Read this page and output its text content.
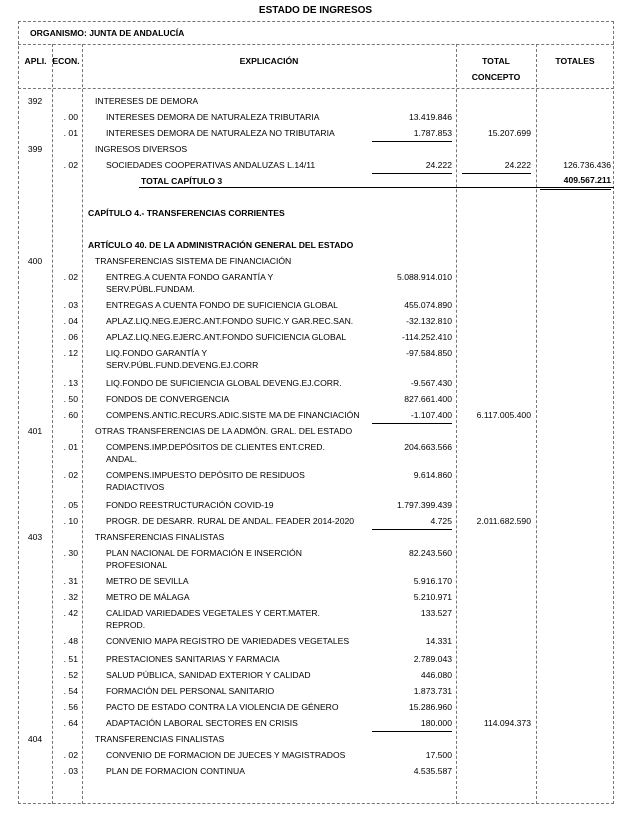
ESTADO DE INGRESOS
ORGANISMO: JUNTA DE ANDALUCÍA
APLI. ECON.	EXPLICACIÓN	TOTAL
CONCEPTO
TOTALES
392	INTERESES DE DEMORA
. 00	INTERESES DEMORA DE NATURALEZA TRIBUTARIA	13.419.846
. 01	INTERESES DEMORA DE NATURALEZA NO TRIBUTARIA	1.787.853	15.207.699
399	INGRESOS DIVERSOS
. 02	SOCIEDADES COOPERATIVAS ANDALUZAS L.14/11	24.222	24.222	126.736.436
TOTAL CAPÍTULO 3	409.567.211
CAPÍTULO 4.- TRANSFERENCIAS CORRIENTES
ARTÍCULO 40. DE LA ADMINISTRACIÓN GENERAL DEL ESTADO
400	TRANSFERENCIAS SISTEMA DE FINANCIACIÓN
. 02	ENTREG.A CUENTA FONDO GARANTÍA Y
SERV.PÚBL.FUNDAM.
5.088.914.010
. 03	ENTREGAS A CUENTA FONDO DE SUFICIENCIA GLOBAL	455.074.890
. 04	APLAZ.LIQ.NEG.EJERC.ANT.FONDO SUFIC.Y GAR.REC.SAN.	-32.132.810
. 06	APLAZ.LIQ.NEG.EJERC.ANT.FONDO SUFICIENCIA GLOBAL	-114.252.410
. 12	LIQ.FONDO GARANTÍA Y
SERV.PÚBL.FUND.DEVENG.EJ.CORR
-97.584.850
. 13	LIQ.FONDO DE SUFICIENCIA GLOBAL DEVENG.EJ.CORR.	-9.567.430
. 50	FONDOS DE CONVERGENCIA	827.661.400
. 60	COMPENS.ANTIC.RECURS.ADIC.SISTE MA DE FINANCIACIÓN	-1.107.400	6.117.005.400
401	OTRAS TRANSFERENCIAS DE LA ADMÓN. GRAL. DEL ESTADO
. 01	COMPENS.IMP.DEPÓSITOS DE CLIENTES ENT.CRED.
ANDAL.
204.663.566
. 02	COMPENS.IMPUESTO DEPÓSITO DE RESIDUOS
RADIACTIVOS
9.614.860
. 05	FONDO REESTRUCTURACIÓN COVID-19	1.797.399.439
. 10	PROGR. DE DESARR. RURAL DE ANDAL. FEADER 2014-2020	4.725	2.011.682.590
403	TRANSFERENCIAS FINALISTAS
. 30	PLAN NACIONAL DE FORMACIÓN E INSERCIÓN
PROFESIONAL
82.243.560
. 31	METRO DE SEVILLA	5.916.170
. 32	METRO DE MÁLAGA	5.210.971
. 42	CALIDAD VARIEDADES VEGETALES Y CERT.MATER.
REPROD.
133.527
. 48	CONVENIO MAPA REGISTRO DE VARIEDADES VEGETALES	14.331
. 51	PRESTACIONES SANITARIAS Y FARMACIA	2.789.043
. 52	SALUD PÚBLICA, SANIDAD EXTERIOR Y CALIDAD	446.080
. 54	FORMACIÓN DEL PERSONAL SANITARIO	1.873.731
. 56	PACTO DE ESTADO CONTRA LA VIOLENCIA DE GÉNERO	15.286.960
. 64	ADAPTACIÓN LABORAL SECTORES EN CRISIS	180.000	114.094.373
404	TRANSFERENCIAS FINALISTAS
. 02	CONVENIO DE FORMACION DE JUECES Y MAGISTRADOS	17.500
. 03	PLAN DE FORMACION CONTINUA	4.535.587
